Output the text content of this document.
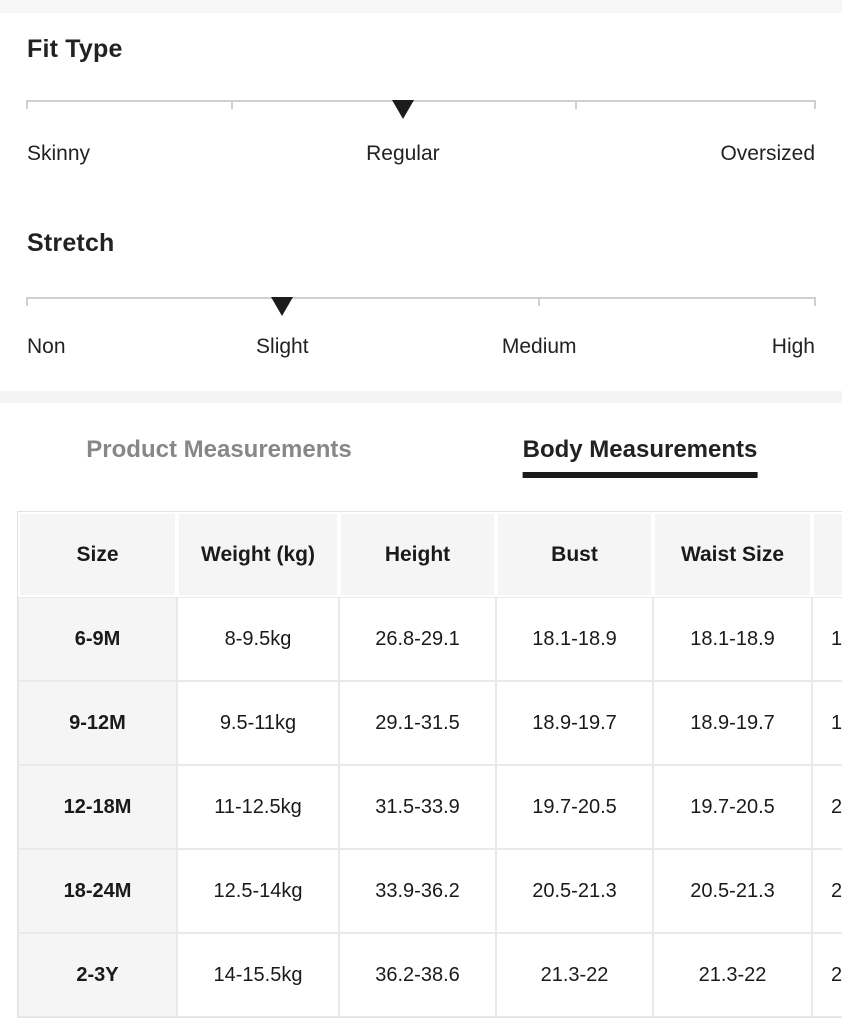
Fit Type
Skinny	Regular	Oversized
Stretch
Non	Slight	Medium	High
Product Measurements	Body Measurements
Size	Weight (kg)	Height	Bust	Waist Size	
6-9M	8-9.5kg	26.8-29.1	18.1-18.9	18.1-18.9	1
9-12M	9.5-11kg	29.1-31.5	18.9-19.7	18.9-19.7	1
12-18M	11-12.5kg	31.5-33.9	19.7-20.5	19.7-20.5	2
18-24M	12.5-14kg	33.9-36.2	20.5-21.3	20.5-21.3	2
2-3Y	14-15.5kg	36.2-38.6	21.3-22	21.3-22	2
